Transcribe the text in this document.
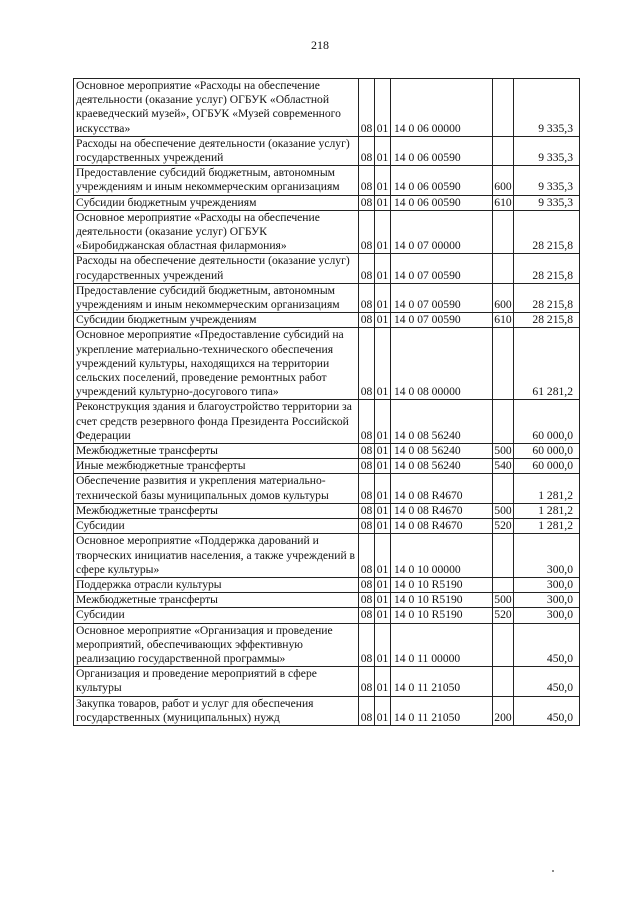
218
Основное мероприятие «Расходы на обеспечение деятельности (оказание услуг) ОГБУК «Областной краеведческий музей», ОГБУК «Музей современного искусства»	08	01	14 0 06 00000		9 335,3
Расходы на обеспечение деятельности (оказание услуг) государственных учреждений	08	01	14 0 06 00590		9 335,3
Предоставление субсидий бюджетным, автономным учреждениям и иным некоммерческим организациям	08	01	14 0 06 00590	600	9 335,3
Субсидии бюджетным учреждениям	08	01	14 0 06 00590	610	9 335,3
Основное мероприятие «Расходы на обеспечение деятельности (оказание услуг) ОГБУК «Биробиджанская областная филармония»	08	01	14 0 07 00000		28 215,8
Расходы на обеспечение деятельности (оказание услуг) государственных учреждений	08	01	14 0 07 00590		28 215,8
Предоставление субсидий бюджетным, автономным учреждениям и иным некоммерческим организациям	08	01	14 0 07 00590	600	28 215,8
Субсидии бюджетным учреждениям	08	01	14 0 07 00590	610	28 215,8
Основное мероприятие «Предоставление субсидий на укрепление материально-технического обеспечения учреждений культуры, находящихся на территории сельских поселений, проведение ремонтных работ учреждений культурно-досугового типа»	08	01	14 0 08 00000		61 281,2
Реконструкция здания и благоустройство территории за счет средств резервного фонда Президента Российской Федерации	08	01	14 0 08 56240		60 000,0
Межбюджетные трансферты	08	01	14 0 08 56240	500	60 000,0
Иные межбюджетные трансферты	08	01	14 0 08 56240	540	60 000,0
Обеспечение развития и укрепления материально-технической базы муниципальных домов культуры	08	01	14 0 08 R4670		1 281,2
Межбюджетные трансферты	08	01	14 0 08 R4670	500	1 281,2
Субсидии	08	01	14 0 08 R4670	520	1 281,2
Основное мероприятие «Поддержка дарований и творческих инициатив населения, а также учреждений в сфере культуры»	08	01	14 0 10 00000		300,0
Поддержка отрасли культуры	08	01	14 0 10 R5190		300,0
Межбюджетные трансферты	08	01	14 0 10 R5190	500	300,0
Субсидии	08	01	14 0 10 R5190	520	300,0
Основное мероприятие «Организация и проведение мероприятий, обеспечивающих эффективную реализацию государственной программы»	08	01	14 0 11 00000		450,0
Организация и проведение мероприятий в сфере культуры	08	01	14 0 11 21050		450,0
Закупка товаров, работ и услуг для обеспечения государственных (муниципальных) нужд	08	01	14 0 11 21050	200	450,0
